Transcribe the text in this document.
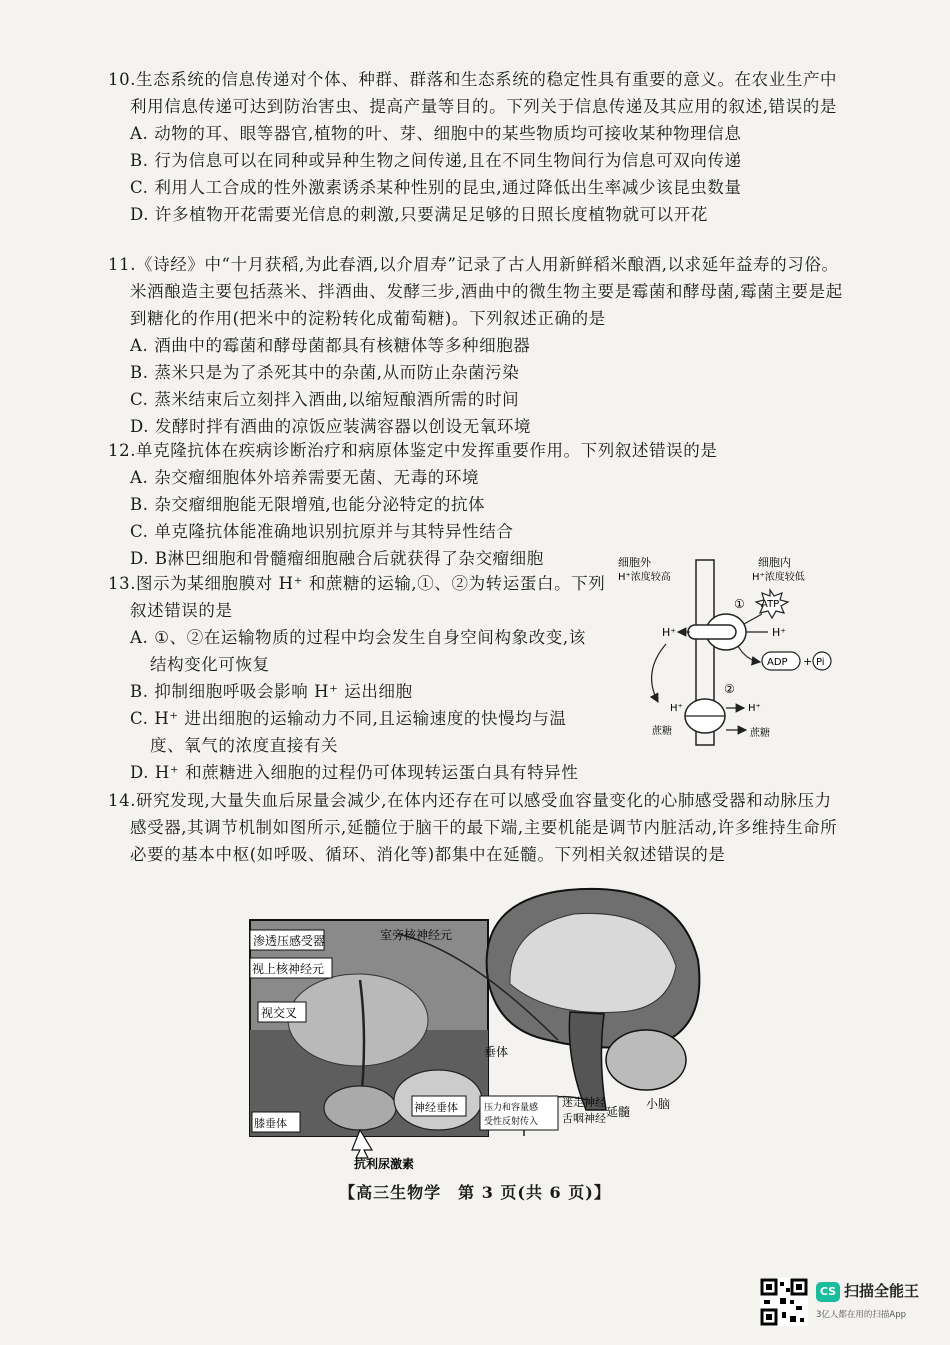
10.生态系统的信息传递对个体、种群、群落和生态系统的稳定性具有重要的意义。在农业生产中利用信息传递可达到防治害虫、提高产量等目的。下列关于信息传递及其应用的叙述,错误的是
A. 动物的耳、眼等器官,植物的叶、芽、细胞中的某些物质均可接收某种物理信息
B. 行为信息可以在同种或异种生物之间传递,且在不同生物间行为信息可双向传递
C. 利用人工合成的性外激素诱杀某种性别的昆虫,通过降低出生率减少该昆虫数量
D. 许多植物开花需要光信息的刺激,只要满足足够的日照长度植物就可以开花
11.《诗经》中“十月获稻,为此春酒,以介眉寿”记录了古人用新鲜稻米酿酒,以求延年益寿的习俗。米酒酿造主要包括蒸米、拌酒曲、发酵三步,酒曲中的微生物主要是霉菌和酵母菌,霉菌主要是起到糖化的作用(把米中的淀粉转化成葡萄糖)。下列叙述正确的是
A. 酒曲中的霉菌和酵母菌都具有核糖体等多种细胞器
B. 蒸米只是为了杀死其中的杂菌,从而防止杂菌污染
C. 蒸米结束后立刻拌入酒曲,以缩短酿酒所需的时间
D. 发酵时拌有酒曲的凉饭应装满容器以创设无氧环境
12.单克隆抗体在疾病诊断治疗和病原体鉴定中发挥重要作用。下列叙述错误的是
A. 杂交瘤细胞体外培养需要无菌、无毒的环境
B. 杂交瘤细胞能无限增殖,也能分泌特定的抗体
C. 单克隆抗体能准确地识别抗原并与其特异性结合
D. B淋巴细胞和骨髓瘤细胞融合后就获得了杂交瘤细胞
13.图示为某细胞膜对 H⁺ 和蔗糖的运输,①、②为转运蛋白。下列叙述错误的是
A. ①、②在运输物质的过程中均会发生自身空间构象改变,该
结构变化可恢复
B. 抑制细胞呼吸会影响 H⁺ 运出细胞
C. H⁺ 进出细胞的运输动力不同,且运输速度的快慢均与温
度、氧气的浓度直接有关
D. H⁺ 和蔗糖进入细胞的过程仍可体现转运蛋白具有特异性
细胞外
H⁺浓度较高
细胞内
H⁺浓度较低
① ATP
H⁺	H⁺
ADP + Pi
②
H⁺	H⁺
蔗糖	蔗糖
14.研究发现,大量失血后尿量会减少,在体内还存在可以感受血容量变化的心肺感受器和动脉压力感受器,其调节机制如图所示,延髓位于脑干的最下端,主要机能是调节内脏活动,许多维持生命所必要的基本中枢(如呼吸、循环、消化等)都集中在延髓。下列相关叙述错误的是
渗透压感受器	室旁核神经元
视上核神经元
视交叉
垂体
小脑
延髓
迷走神经
舌咽神经
神经垂体
膝垂体
压力和容量感
受性反射传入
抗利尿激素
【高三生物学　第 3 页(共 6 页)】
CS 扫描全能王
3亿人都在用的扫描App
